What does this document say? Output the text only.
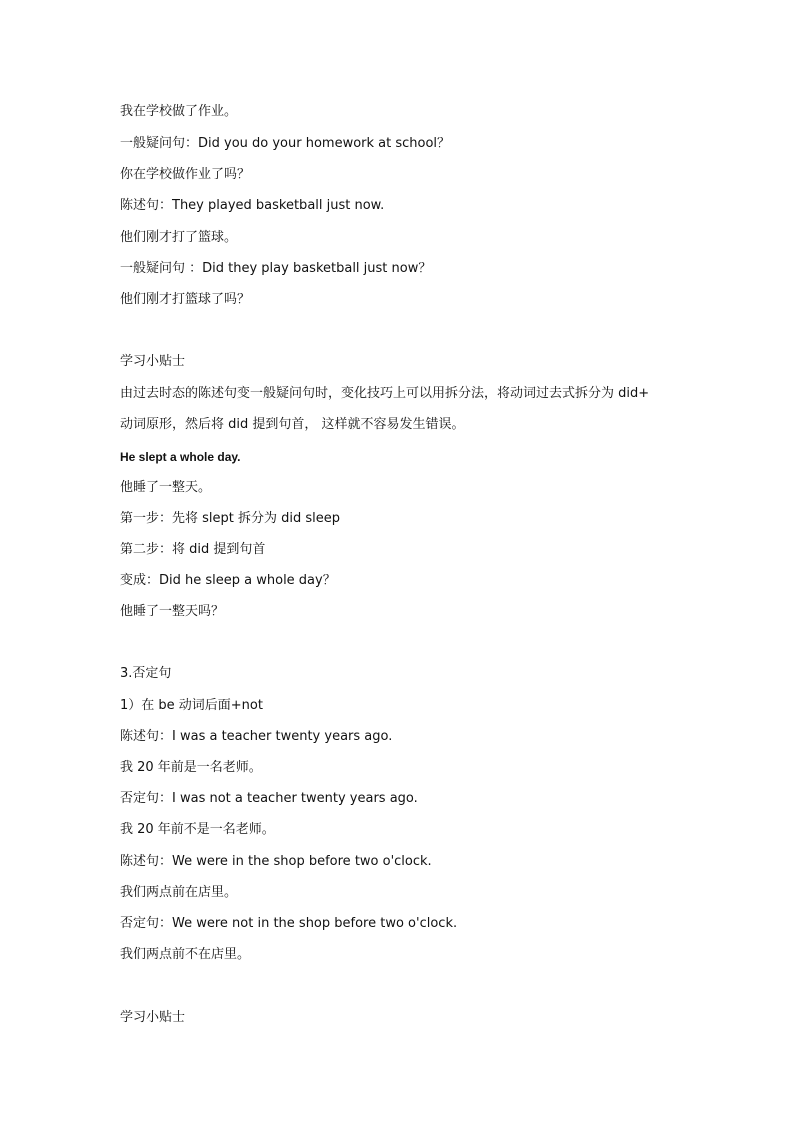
我在学校做了作业。
一般疑问句：Did you do your homework at school？
你在学校做作业了吗？
陈述句：They played basketball just now.
他们刚才打了篮球。
一般疑问句 ：Did they play basketball just now？
他们刚才打篮球了吗？
学习小贴士
由过去时态的陈述句变一般疑问句时，变化技巧上可以用拆分法，将动词过去式拆分为 did+
动词原形，然后将 did 提到句首， 这样就不容易发生错误。
He slept a whole day.
他睡了一整天。
第一步：先将 slept 拆分为 did sleep
第二步：将 did 提到句首
变成：Did he sleep a whole day？
他睡了一整天吗？
3.否定句
1）在 be 动词后面+not
陈述句：I was a teacher twenty years ago.
我 20 年前是一名老师。
否定句：I was not a teacher twenty years ago.
我 20 年前不是一名老师。
陈述句：We were in the shop before two o'clock.
我们两点前在店里。
否定句：We were not in the shop before two o'clock.
我们两点前不在店里。
学习小贴士
